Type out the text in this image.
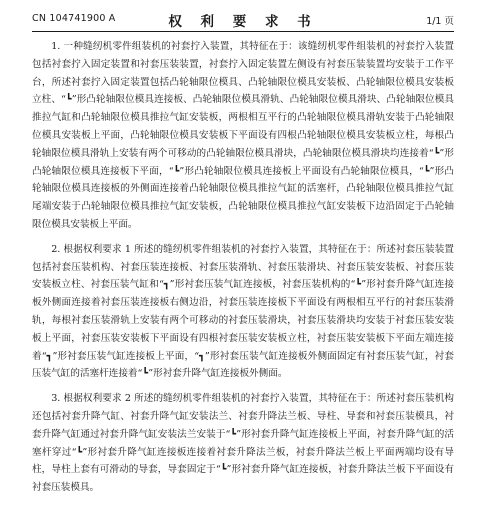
CN 104741900 A	权 利 要 求 书	1/1 页

1. 一种缝纫机零件组装机的衬套拧入装置，其特征在于：该缝纫机零件组装机的衬套拧入装置包括衬套拧入固定装置和衬套压装装置，衬套拧入固定装置左侧设有衬套压装装置均安装于工作平台，所述衬套拧入固定装置包括凸轮轴限位模具、凸轮轴限位模具安装板、凸轮轴限位模具安装板立柱、“┗”形凸轮轴限位模具连接板、凸轮轴限位模具滑轨、凸轮轴限位模具滑块、凸轮轴限位模具推拉气缸和凸轮轴限位模具推拉气缸安装板，两根相互平行的凸轮轴限位模具滑轨安装于凸轮轴限位模具安装板上平面，凸轮轴限位模具安装板下平面设有四根凸轮轴限位模具安装板立柱，每根凸轮轴限位模具滑轨上安装有两个可移动的凸轮轴限位模具滑块，凸轮轴限位模具滑块均连接着“┗”形凸轮轴限位模具连接板下平面，“┗”形凸轮轴限位模具连接板上平面设有凸轮轴限位模具，“┗”形凸轮轴限位模具连接板的外侧面连接着凸轮轴限位模具推拉气缸的活塞杆，凸轮轴限位模具推拉气缸尾端安装于凸轮轴限位模具推拉气缸安装板，凸轮轴限位模具推拉气缸安装板下边沿固定于凸轮轴限位模具安装板上平面。

2. 根据权利要求 1 所述的缝纫机零件组装机的衬套拧入装置，其特征在于：所述衬套压装装置包括衬套压装机构、衬套压装连接板、衬套压装滑轨、衬套压装滑块、衬套压装安装板、衬套压装安装板立柱、衬套压装气缸和“┓”形衬套压装气缸连接板，衬套压装机构的“┗”形衬套升降气缸连接板外侧面连接着衬套压装连接板右侧边沿，衬套压装连接板下平面设有两根相互平行的衬套压装滑轨，每根衬套压装滑轨上安装有两个可移动的衬套压装滑块，衬套压装滑块均安装于衬套压装安装板上平面，衬套压装安装板下平面设有四根衬套压装安装板立柱，衬套压装安装板下平面左端连接着“┓”形衬套压装气缸连接板上平面，“┓”形衬套压装气缸连接板外侧面固定有衬套压装气缸，衬套压装气缸的活塞杆连接着“┗”形衬套升降气缸连接板外侧面。

3. 根据权利要求 2 所述的缝纫机零件组装机的衬套拧入装置，其特征在于：所述衬套压装机构还包括衬套升降气缸、衬套升降气缸安装法兰、衬套升降法兰板、导柱、导套和衬套压装模具，衬套升降气缸通过衬套升降气缸安装法兰安装于“┗”形衬套升降气缸连接板上平面，衬套升降气缸的活塞杆穿过“┗”形衬套升降气缸连接板连接着衬套升降法兰板，衬套升降法兰板上平面两端均设有导柱，导柱上套有可滑动的导套，导套固定于“┗”形衬套升降气缸连接板，衬套升降法兰板下平面设有衬套压装模具。
